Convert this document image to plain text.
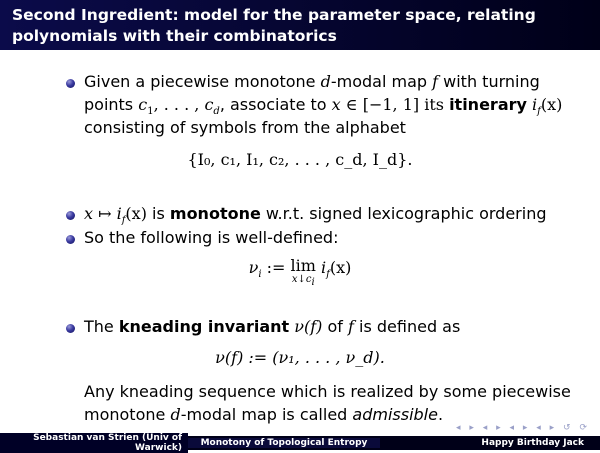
Second Ingredient: model for the parameter space, relating
polynomials with their combinatorics
Given a piecewise monotone d-modal map f with turning
points $c_1$, . . . , $c_d$, associate to x ∈ [−1, 1] its itinerary $i_f(x)$
consisting of symbols from the alphabet
{I₀, c₁, I₁, c₂, . . . , c_d, I_d}.
x ↦ $i_f(x)$ is monotone w.r.t. signed lexicographic ordering
So the following is well-defined:
$\nu_i$ := lim
$x↓c_i$
$i_f(x)$
The kneading invariant ν(f) of f is defined as
ν(f) := (ν₁, . . . , ν_d).
Any kneading sequence which is realized by some piecewise
monotone d-modal map is called admissible.
◂ ▸ ◂ ▸ ◂ ▸ ◂ ▸ ↺ ⟳
Sebastian van Strien (Univ of Warwick)	Monotony of Topological Entropy	Happy Birthday Jack
